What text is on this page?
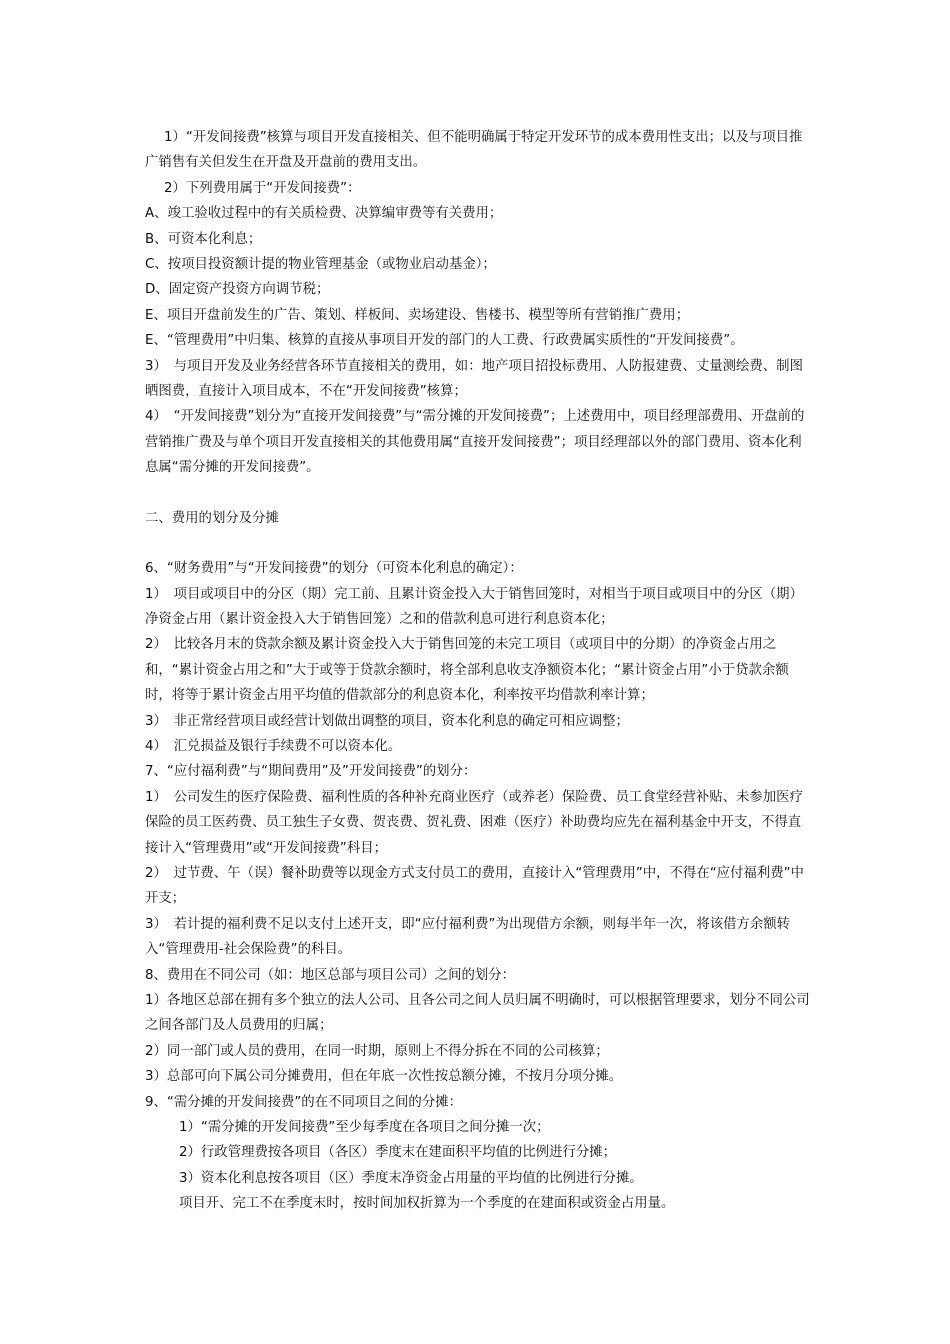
1）“开发间接费”核算与项目开发直接相关、但不能明确属于特定开发环节的成本费用性支出；以及与项目推广销售有关但发生在开盘及开盘前的费用支出。

2）下列费用属于“开发间接费”：

A、竣工验收过程中的有关质检费、决算编审费等有关费用；

B、可资本化利息；

C、按项目投资额计提的物业管理基金（或物业启动基金）；

D、固定资产投资方向调节税；

E、项目开盘前发生的广告、策划、样板间、卖场建设、售楼书、模型等所有营销推广费用；

E、“管理费用”中归集、核算的直接从事项目开发的部门的人工费、行政费属实质性的“开发间接费”。

3）　与项目开发及业务经营各环节直接相关的费用，如：地产项目招投标费用、人防报建费、丈量测绘费、制图晒图费，直接计入项目成本，不在“开发间接费”核算；

4）　“开发间接费”划分为“直接开发间接费”与“需分摊的开发间接费”；上述费用中，项目经理部费用、开盘前的营销推广费及与单个项目开发直接相关的其他费用属“直接开发间接费”；项目经理部以外的部门费用、资本化利息属“需分摊的开发间接费”。

二、费用的划分及分摊

6、“财务费用”与“开发间接费”的划分（可资本化利息的确定）：

1）　项目或项目中的分区（期）完工前、且累计资金投入大于销售回笼时，对相当于项目或项目中的分区（期）净资金占用（累计资金投入大于销售回笼）之和的借款利息可进行利息资本化；

2）　比较各月末的贷款余额及累计资金投入大于销售回笼的未完工项目（或项目中的分期）的净资金占用之和，“累计资金占用之和”大于或等于贷款余额时，将全部利息收支净额资本化；“累计资金占用”小于贷款余额时，将等于累计资金占用平均值的借款部分的利息资本化，利率按平均借款利率计算；

3）　非正常经营项目或经营计划做出调整的项目，资本化利息的确定可相应调整；

4）　汇兑损益及银行手续费不可以资本化。

7、“应付福利费”与“期间费用”及”开发间接费”的划分：

1）　公司发生的医疗保险费、福利性质的各种补充商业医疗（或养老）保险费、员工食堂经营补贴、未参加医疗保险的员工医药费、员工独生子女费、贺丧费、贺礼费、困难（医疗）补助费均应先在福利基金中开支，不得直接计入“管理费用”或“开发间接费”科目；

2）　过节费、午（误）餐补助费等以现金方式支付员工的费用，直接计入“管理费用”中，不得在“应付福利费”中开支；

3）　若计提的福利费不足以支付上述开支，即“应付福利费”为出现借方余额，则每半年一次，将该借方余额转入“管理费用-社会保险费”的科目。

8、费用在不同公司（如：地区总部与项目公司）之间的划分：

1）各地区总部在拥有多个独立的法人公司、且各公司之间人员归属不明确时，可以根据管理要求，划分不同公司之间各部门及人员费用的归属；

2）同一部门或人员的费用，在同一时期，原则上不得分拆在不同的公司核算；

3）总部可向下属公司分摊费用，但在年底一次性按总额分摊，不按月分项分摊。

9、“需分摊的开发间接费”的在不同项目之间的分摊：

1）“需分摊的开发间接费”至少每季度在各项目之间分摊一次；

2）行政管理费按各项目（各区）季度末在建面积平均值的比例进行分摊；

3）资本化利息按各项目（区）季度末净资金占用量的平均值的比例进行分摊。

项目开、完工不在季度末时，按时间加权折算为一个季度的在建面积或资金占用量。
